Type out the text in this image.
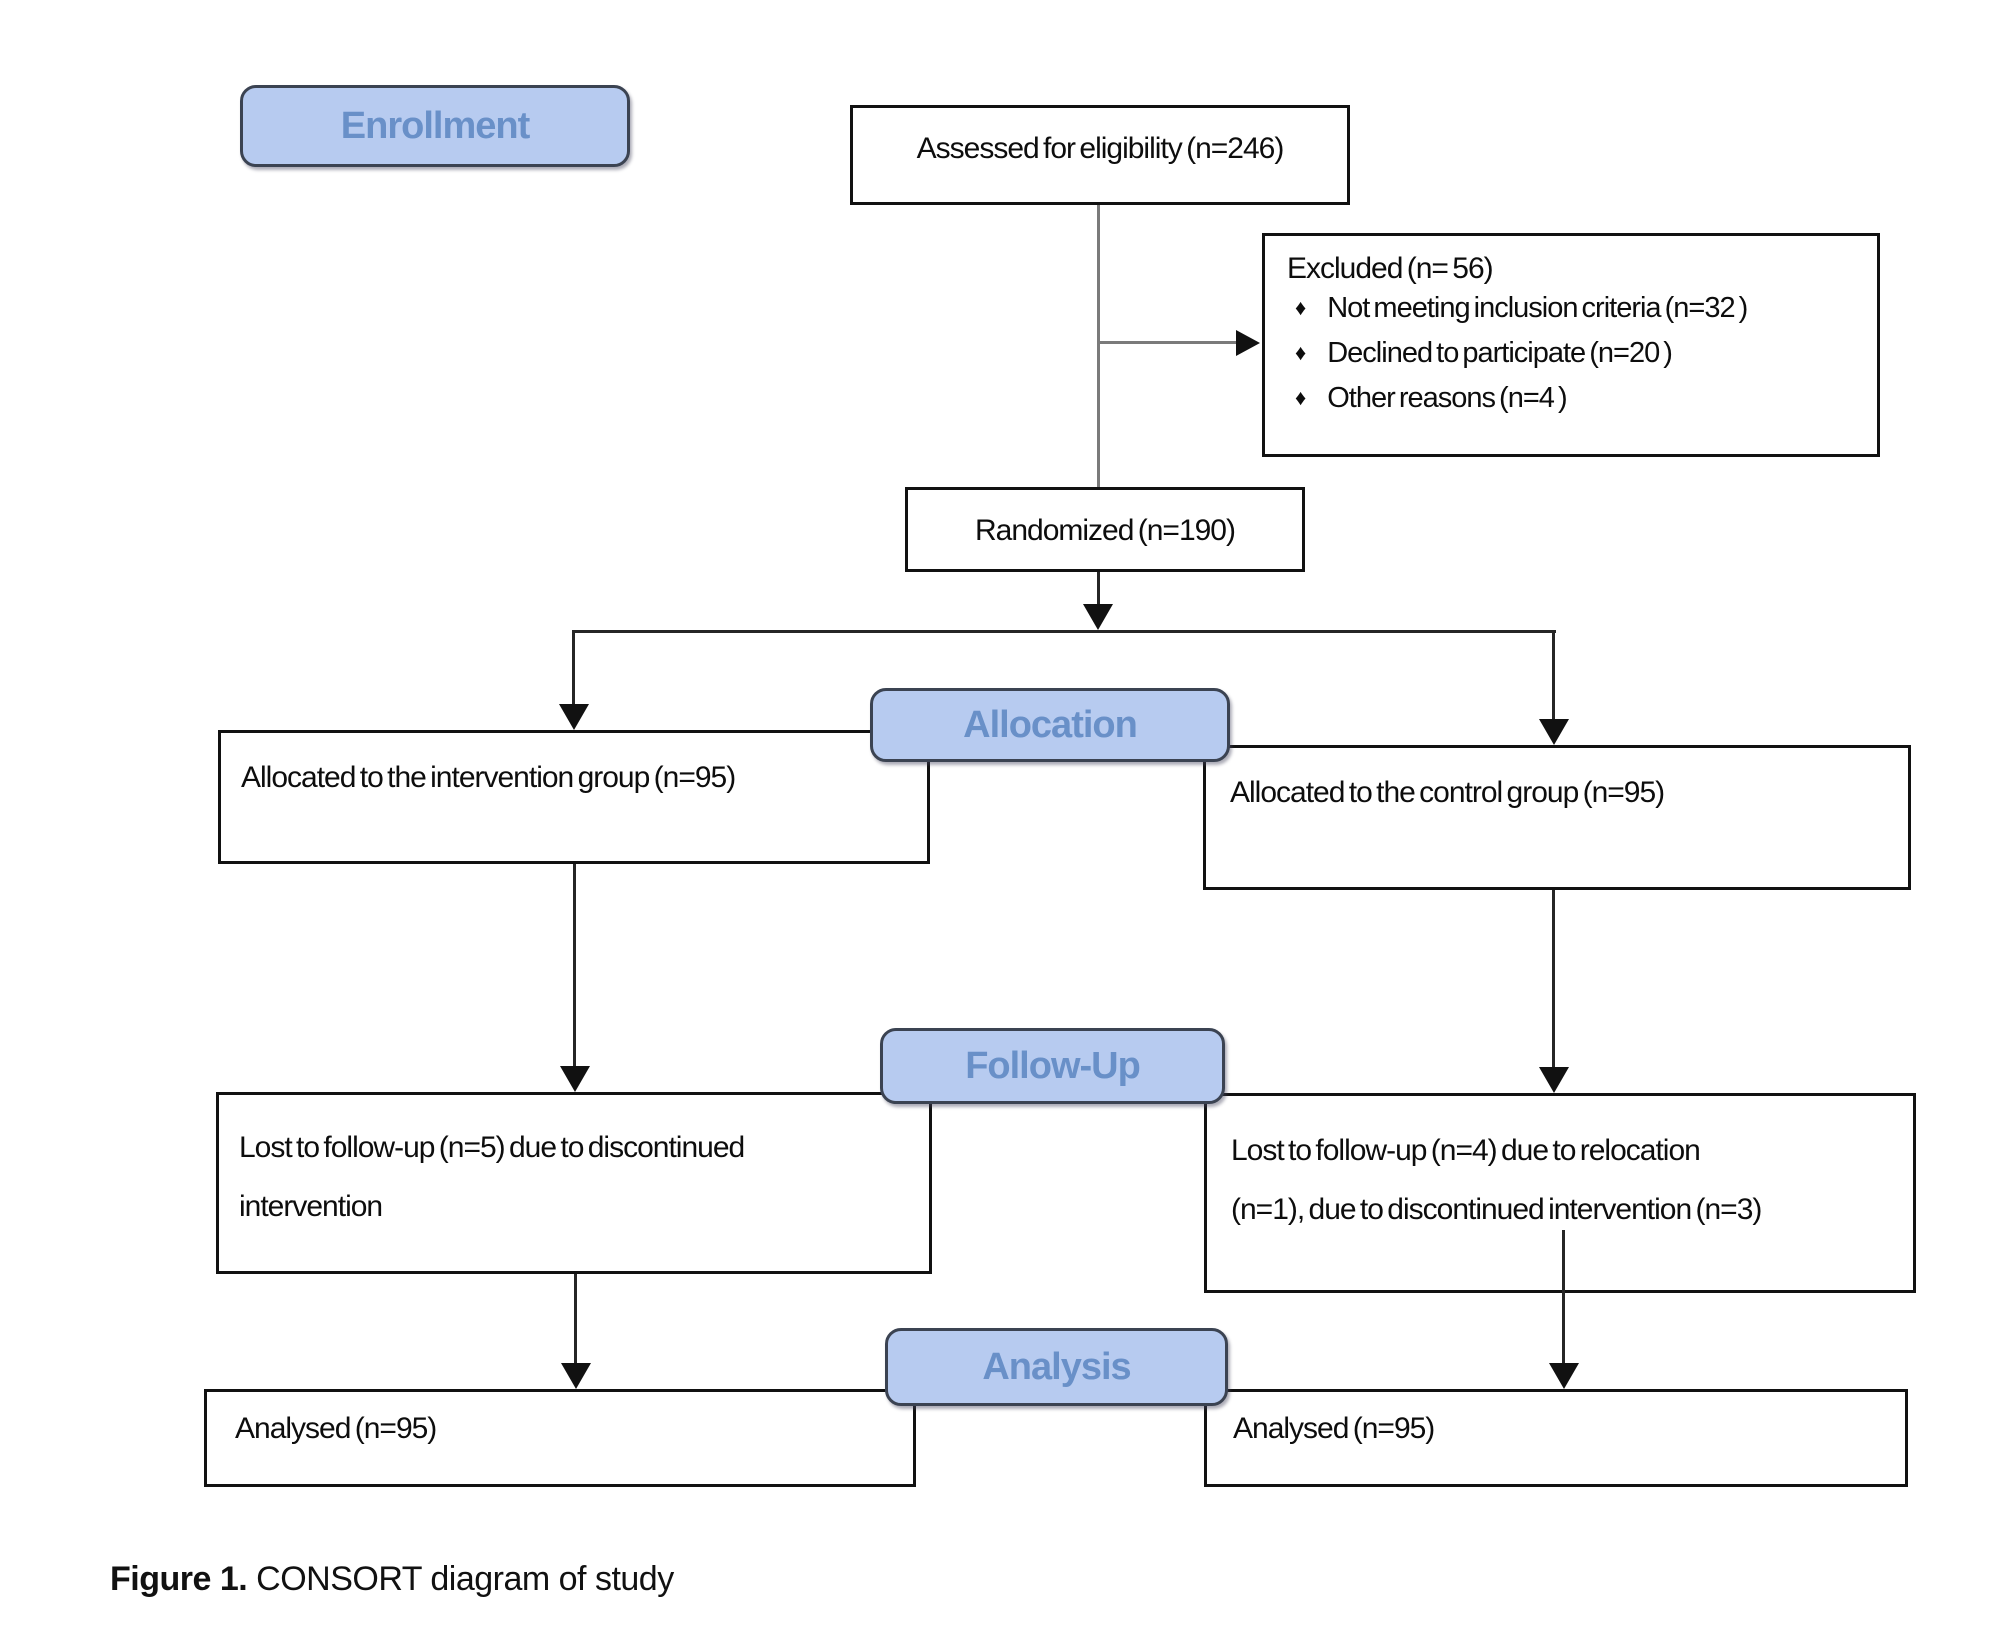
Assessed for eligibility (n=246)
Excluded (n= 56)
♦ Not meeting inclusion criteria (n=32 )
♦ Declined to participate (n=20 )
♦ Other reasons (n=4 )
Randomized (n=190)
Allocated to the intervention group (n=95)	Allocated to the control group (n=95)
Lost to follow-up (n=5) due to discontinued
intervention
Lost to follow-up (n=4) due to relocation
(n=1), due to discontinued intervention (n=3)
Analysed (n=95)	Analysed (n=95)
Enrollment
Allocation
Follow-Up
Analysis
Figure 1. CONSORT diagram of study
